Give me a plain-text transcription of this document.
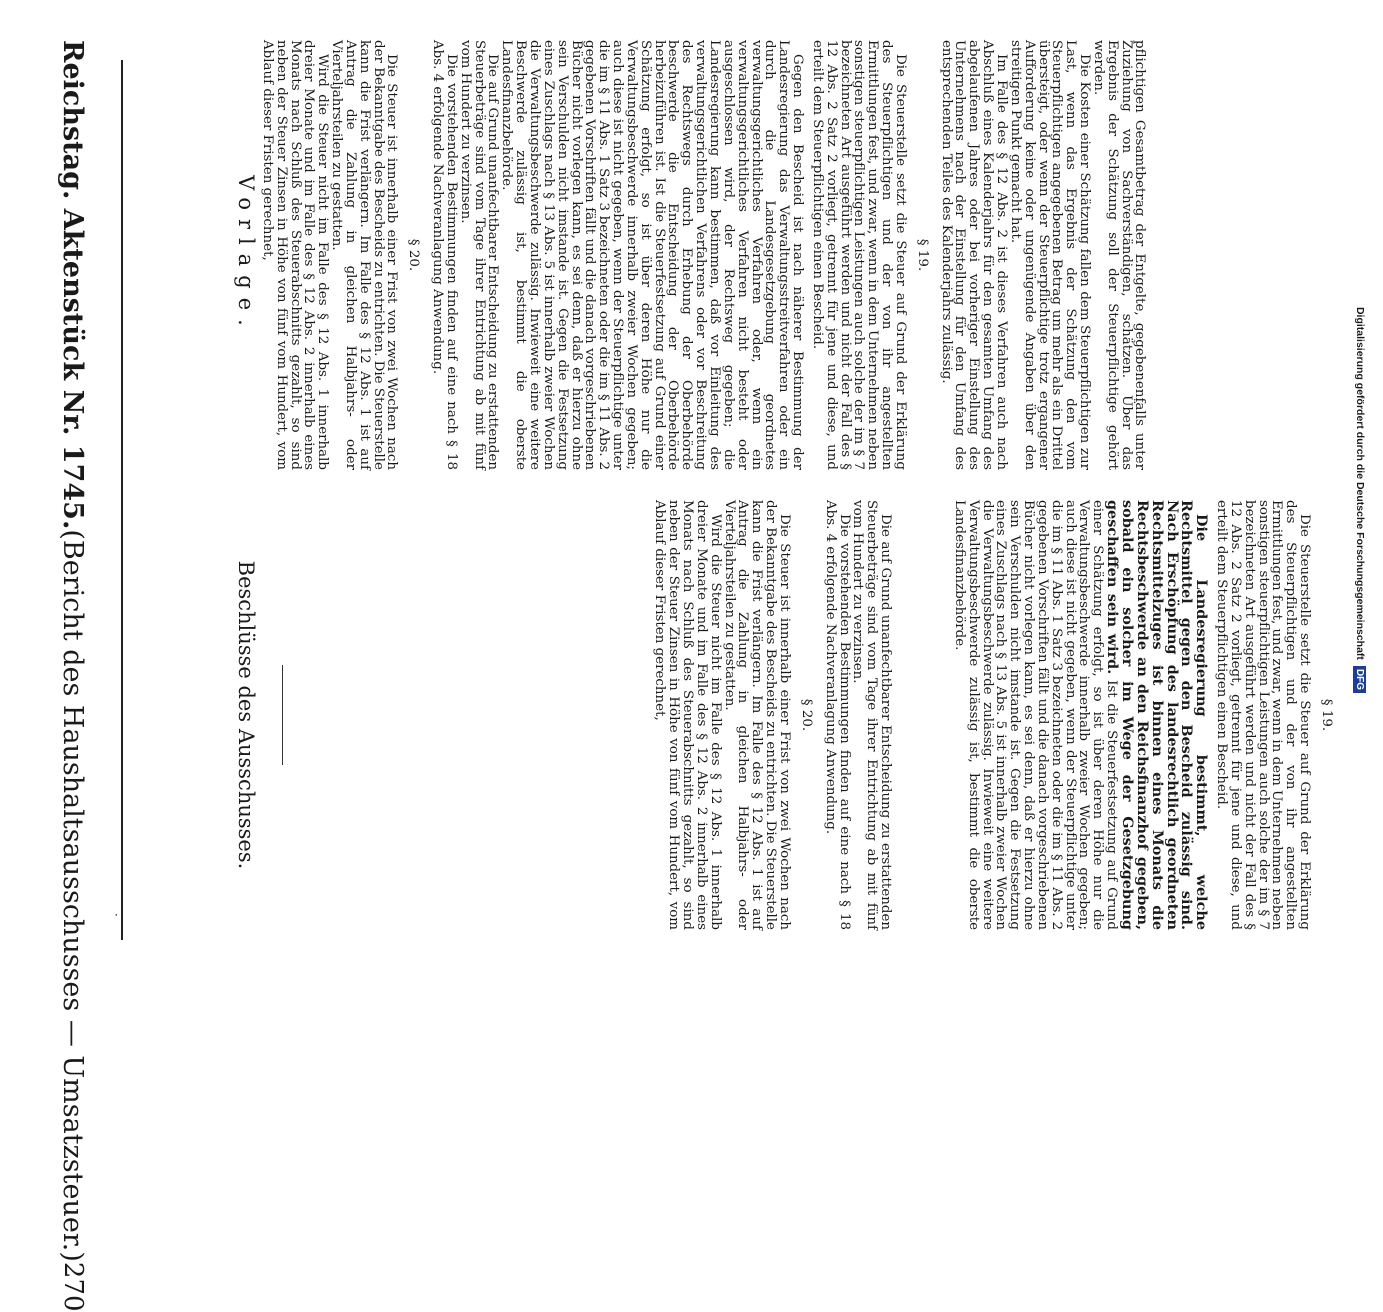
Reichstag. Aktenstück Nr. 1745.
(Bericht des Haushaltsausschusses — Umsatzsteuer.)
270
·
Vorlage.
Beschlüsse des Ausschusses.

pflichtigen Gesamtbetrag der Entgelte, gegebenenfalls unter Zuziehung von Sachverständigen, schätzen. Über das Ergebnis der Schätzung soll der Steuerpflichtige gehört werden.

Die Kosten einer Schätzung fallen dem Steuerpflichtigen zur Last, wenn das Ergebnis der Schätzung den vom Steuerpflichtigen angegebenen Betrag um mehr als ein Drittel übersteigt, oder wenn der Steuerpflichtige trotz ergangener Aufforderung keine oder ungenügende Angaben über den streitigen Punkt gemacht hat.

Im Falle des § 12 Abs. 2 ist dieses Verfahren auch nach Abschluß eines Kalenderjahrs für den gesamten Umfang des abgelaufenen Jahres oder bei vorheriger Einstellung des Unternehmens nach der Einstellung für den Umfang des entsprechenden Teiles des Kalenderjahrs zulässig.

§ 19.

Die Steuerstelle setzt die Steuer auf Grund der Erklärung des Steuerpflichtigen und der von ihr angestellten Ermittlungen fest, und zwar, wenn in dem Unternehmen neben sonstigen steuerpflichtigen Leistungen auch solche der im § 7 bezeichneten Art ausgeführt werden und nicht der Fall des § 12 Abs. 2 Satz 2 vorliegt, getrennt für jene und diese, und erteilt dem Steuerpflichtigen einen Bescheid.

Gegen den Bescheid ist nach näherer Bestimmung der Landesregierung das Verwaltungsstreitverfahren oder ein durch die Landesgesetzgebung geordnetes verwaltungsgerichtliches Verfahren oder, wenn ein verwaltungsgerichtliches Verfahren nicht besteht oder ausgeschlossen wird, der Rechtsweg gegeben; die Landesregierung kann bestimmen, daß vor Einleitung des verwaltungsgerichtlichen Verfahrens oder vor Beschreitung des Rechtswegs durch Erhebung der Oberbehörde beschwerde die Entscheidung der Oberbehörde herbeizuführen ist. Ist die Steuerfestsetzung auf Grund einer Schätzung erfolgt, so ist über deren Höhe nur die Verwaltungsbeschwerde innerhalb zweier Wochen gegeben; auch diese ist nicht gegeben, wenn der Steuerpflichtige unter die im § 11 Abs. 1 Satz 3 bezeichneten oder die im § 11 Abs. 2 gegebenen Vorschriften fällt und die danach vorgeschriebenen Bücher nicht vorlegen kann, es sei denn, daß er hierzu ohne sein Verschulden nicht imstande ist. Gegen die Festsetzung eines Zuschlags nach § 13 Abs. 5 ist innerhalb zweier Wochen die Verwaltungsbeschwerde zulässig. Inwieweit eine weitere Beschwerde zulässig ist, bestimmt die oberste Landesfinanzbehörde.

Die auf Grund unanfechtbarer Entscheidung zu erstattenden Steuerbeträge sind vom Tage ihrer Entrichtung ab mit fünf vom Hundert zu verzinsen.

Die vorstehenden Bestimmungen finden auf eine nach § 18 Abs. 4 erfolgende Nachveranlagung Anwendung.

§ 20.

Die Steuer ist innerhalb einer Frist von zwei Wochen nach der Bekanntgabe des Bescheids zu entrichten. Die Steuerstelle kann die Frist verlängern. Im Falle des § 12 Abs. 1 ist auf Antrag die Zahlung in gleichen Halbjahrs- oder Vierteljahrsteilen zu gestatten.

Wird die Steuer nicht im Falle des § 12 Abs. 1 innerhalb dreier Monate und im Falle des § 12 Abs. 2 innerhalb eines Monats nach Schluß des Steuerabschnitts gezahlt, so sind neben der Steuer Zinsen in Höhe von fünf vom Hundert, vom Ablauf dieser Fristen gerechnet,

§ 19.

Die Steuerstelle setzt die Steuer auf Grund der Erklärung des Steuerpflichtigen und der von ihr angestellten Ermittlungen fest, und zwar, wenn in dem Unternehmen neben sonstigen steuerpflichtigen Leistungen auch solche der im § 7 bezeichneten Art ausgeführt werden und nicht der Fall des § 12 Abs. 2 Satz 2 vorliegt, getrennt für jene und diese, und erteilt dem Steuerpflichtigen einen Bescheid.

Die Landesregierung bestimmt, welche Rechtsmittel gegen den Bescheid zulässig sind. Nach Erschöpfung des landesrechtlich geordneten Rechtsmittelzuges ist binnen eines Monats die Rechtsbeschwerde an den Reichsfinanzhof gegeben, sobald ein solcher im Wege der Gesetzgebung geschaffen sein wird. Ist die Steuerfestsetzung auf Grund einer Schätzung erfolgt, so ist über deren Höhe nur die Verwaltungsbeschwerde innerhalb zweier Wochen gegeben; auch diese ist nicht gegeben, wenn der Steuerpflichtige unter die im § 11 Abs. 1 Satz 3 bezeichneten oder die im § 11 Abs. 2 gegebenen Vorschriften fällt und die danach vorgeschriebenen Bücher nicht vorlegen kann, es sei denn, daß er hierzu ohne sein Verschulden nicht imstande ist. Gegen die Festsetzung eines Zuschlags nach § 13 Abs. 5 ist innerhalb zweier Wochen die Verwaltungsbeschwerde zulässig. Inwieweit eine weitere Verwaltungsbeschwerde zulässig ist, bestimmt die oberste Landesfinanzbehörde.

Die auf Grund unanfechtbarer Entscheidung zu erstattenden Steuerbeträge sind vom Tage ihrer Entrichtung ab mit fünf vom Hundert zu verzinsen.

Die vorstehenden Bestimmungen finden auf eine nach § 18 Abs. 4 erfolgende Nachveranlagung Anwendung.

§ 20.

Die Steuer ist innerhalb einer Frist von zwei Wochen nach der Bekanntgabe des Bescheids zu entrichten. Die Steuerstelle kann die Frist verlängern. Im Falle des § 12 Abs. 1 ist auf Antrag die Zahlung in gleichen Halbjahrs- oder Vierteljahrsteilen zu gestatten.

Wird die Steuer nicht im Falle des § 12 Abs. 1 innerhalb dreier Monate und im Falle des § 12 Abs. 2 innerhalb eines Monats nach Schluß des Steuerabschnitts gezahlt, so sind neben der Steuer Zinsen in Höhe von fünf vom Hundert, vom Ablauf dieser Fristen gerechnet,	Digitalisierung gefördert durch die Deutsche Forschungsgemeinschaft
DFG
